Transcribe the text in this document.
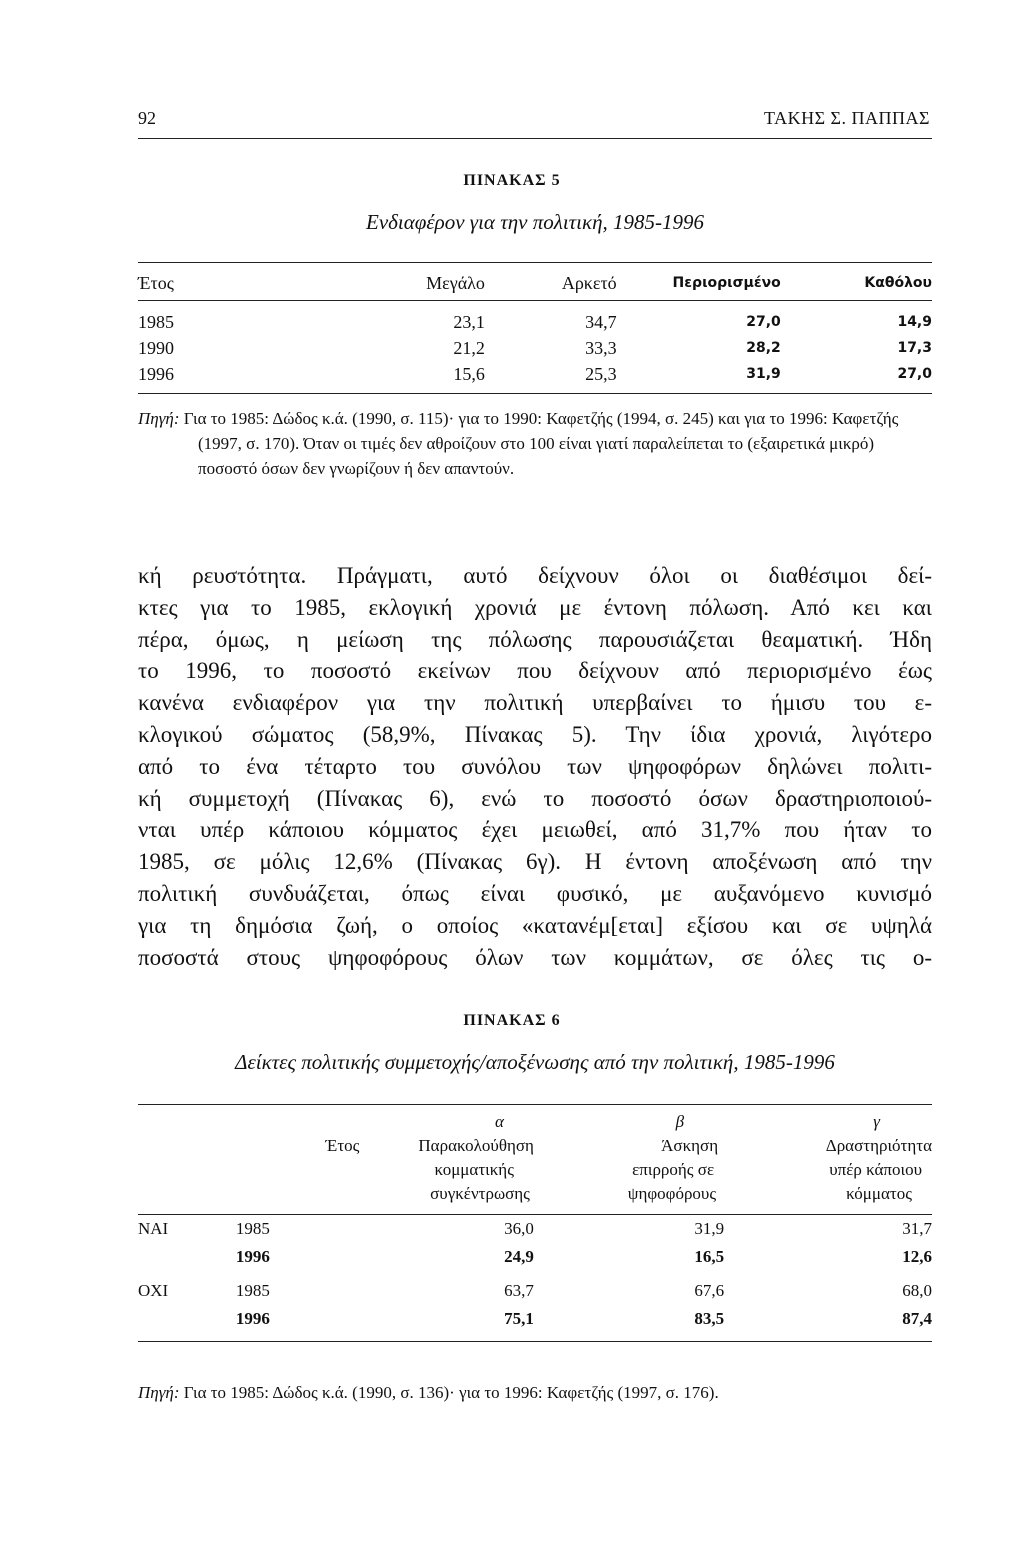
92	ΤΑΚΗΣ Σ. ΠΑΠΠΑΣ
ΠΙΝΑΚΑΣ 5
Ενδιαφέρον για την πολιτική, 1985-1996
Έτος	Μεγάλο	Αρκετό	Περιορισμένο	Καθόλου

1985	23,1	34,7	27,0	14,9
1990	21,2	33,3	28,2	17,3
1996	15,6	25,3	31,9	27,0

Πηγή: Για το 1985: Δώδος κ.ά. (1990, σ. 115)· για το 1990: Καφετζής (1994, σ. 245) και για το 1996: Καφετζής (1997, σ. 170). Όταν οι τιμές δεν αθροίζουν στο 100 είναι γιατί παραλείπεται το (εξαιρετικά μικρό) ποσοστό όσων δεν γνωρίζουν ή δεν απαντούν.

κή ρευστότητα. Πράγματι, αυτό δείχνουν όλοι οι διαθέσιμοι δεί-
κτες για το 1985, εκλογική χρονιά με έντονη πόλωση. Από κει και
πέρα, όμως, η μείωση της πόλωσης παρουσιάζεται θεαματική. Ήδη
το 1996, το ποσοστό εκείνων που δείχνουν από περιορισμένο έως
κανένα ενδιαφέρον για την πολιτική υπερβαίνει το ήμισυ του ε-
κλογικού σώματος (58,9%, Πίνακας 5). Την ίδια χρονιά, λιγότερο
από το ένα τέταρτο του συνόλου των ψηφοφόρων δηλώνει πολιτι-
κή συμμετοχή (Πίνακας 6), ενώ το ποσοστό όσων δραστηριοποιού-
νται υπέρ κάποιου κόμματος έχει μειωθεί, από 31,7% που ήταν το
1985, σε μόλις 12,6% (Πίνακας 6γ). Η έντονη αποξένωση από την
πολιτική συνδυάζεται, όπως είναι φυσικό, με αυξανόμενο κυνισμό
για τη δημόσια ζωή, ο οποίος «κατανέμ[εται] εξίσου και σε υψηλά
ποσοστά στους ψηφοφόρους όλων των κομμάτων, σε όλες τις ο-
ΠΙΝΑΚΑΣ 6
Δείκτες πολιτικής συμμετοχής/αποξένωσης από την πολιτική, 1985-1996
		α	β	γ
	Έτος	Παρακολούθηση	Άσκηση	Δραστηριότητα
		κομματικής	επιρροής σε	υπέρ κάποιου
		συγκέντρωσης	ψηφοφόρους	κόμματος

ΝΑΙ	1985	36,0	31,9	31,7
	1996	24,9	16,5	12,6

ΟΧΙ	1985	63,7	67,6	68,0
	1996	75,1	83,5	87,4

Πηγή: Για το 1985: Δώδος κ.ά. (1990, σ. 136)· για το 1996: Καφετζής (1997, σ. 176).
